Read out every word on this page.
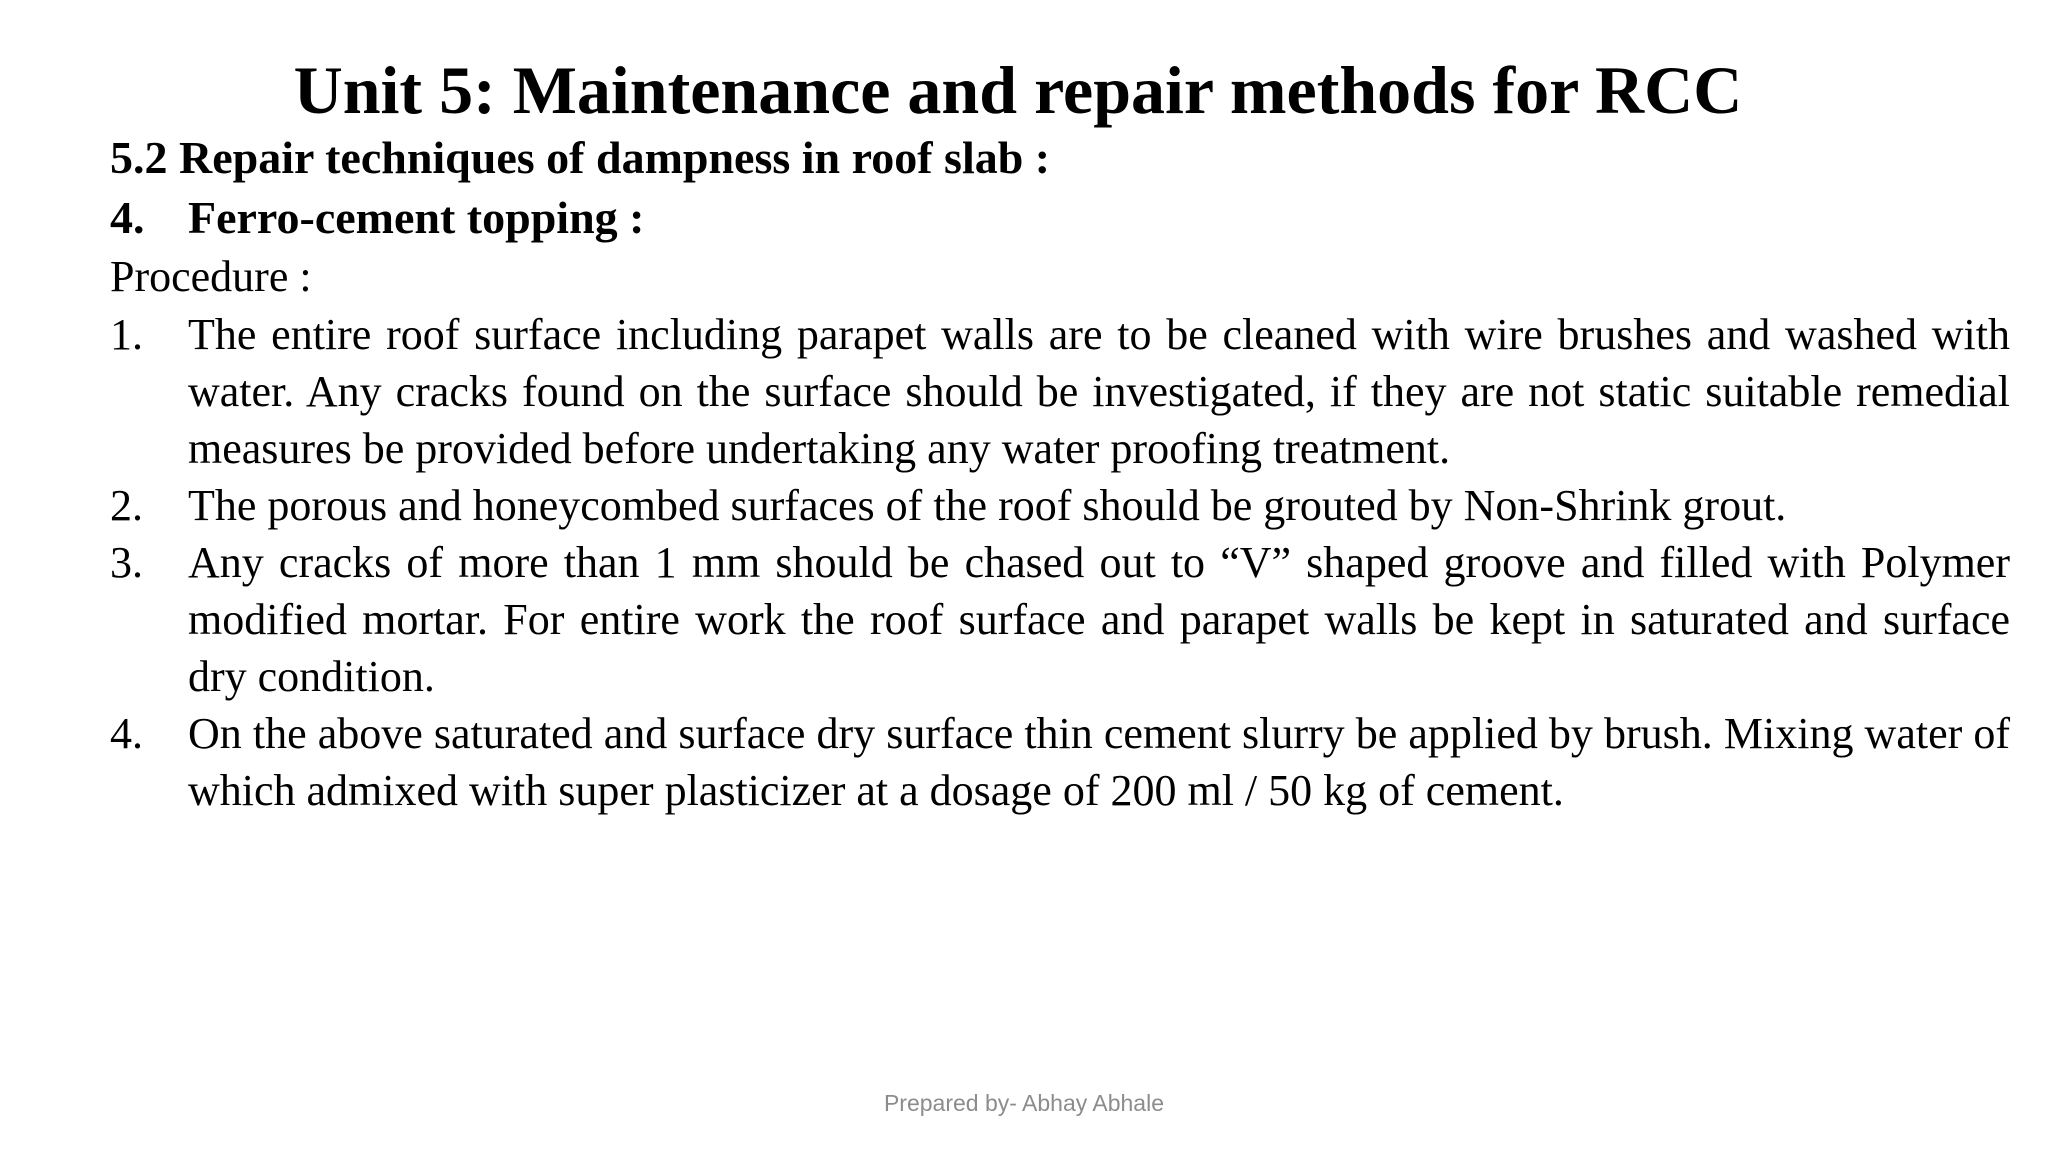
Unit 5: Maintenance and repair methods for RCC
5.2 Repair techniques of dampness in roof slab :
4. Ferro-cement topping :
Procedure :
1.	The entire roof surface including parapet walls are to be cleaned with wire brushes and washed with water. Any cracks found on the surface should be investigated, if they are not static suitable remedial measures be provided before undertaking any water proofing treatment.
2.	The porous and honeycombed surfaces of the roof should be grouted by Non-Shrink grout.
3.	Any cracks of more than 1 mm should be chased out to “V” shaped groove and filled with Polymer modified mortar. For entire work the roof surface and parapet walls be kept in saturated and surface dry condition.
4.	On the above saturated and surface dry surface thin cement slurry be applied by brush. Mixing water of which admixed with super plasticizer at a dosage of 200 ml / 50 kg of cement.
Prepared by- Abhay Abhale
